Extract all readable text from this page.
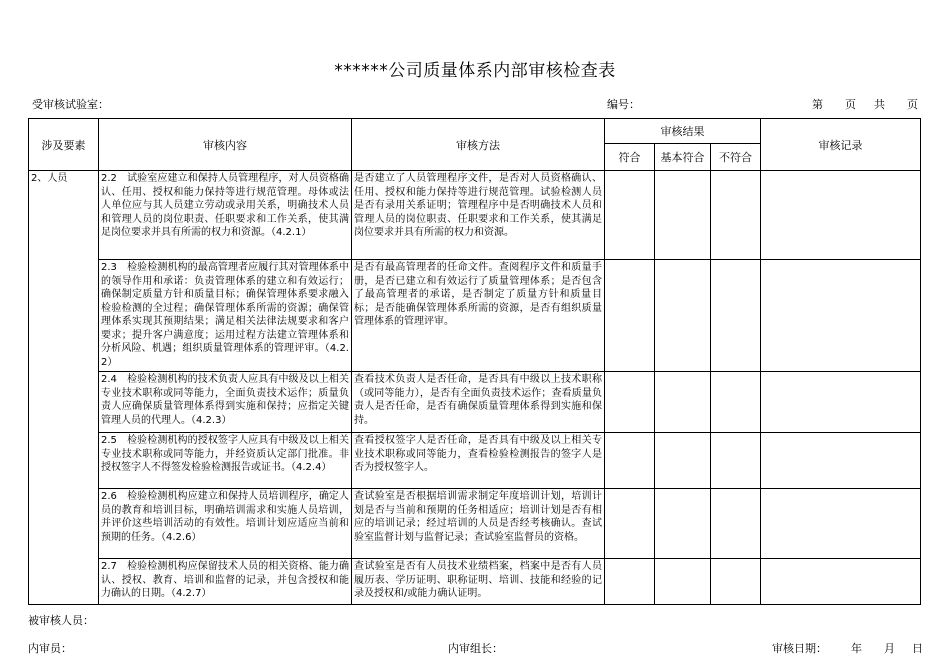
******公司质量体系内部审核检查表
受审核试验室：	编号：	第 页 共 页
涉及要素	审核内容	审核方法	审核结果			审核记录
			符合	基本符合	不符合	
2、人员	2.2　试验室应建立和保持人员管理程序，对人员资格确认、任用、授权和能力保持等进行规范管理。母体或法人单位应与其人员建立劳动或录用关系，明确技术人员和管理人员的岗位职责、任职要求和工作关系，使其满足岗位要求并具有所需的权力和资源。（4.2.1）	是否建立了人员管理程序文件，是否对人员资格确认、任用、授权和能力保持等进行规范管理。试验检测人员是否有录用关系证明；管理程序中是否明确技术人员和管理人员的岗位职责、任职要求和工作关系，使其满足岗位要求并具有所需的权力和资源。				
	2.3　检验检测机构的最高管理者应履行其对管理体系中的领导作用和承诺：负责管理体系的建立和有效运行；确保制定质量方针和质量目标；确保管理体系要求融入检验检测的全过程；确保管理体系所需的资源；确保管理体系实现其预期结果；满足相关法律法规要求和客户要求；提升客户满意度；运用过程方法建立管理体系和分析风险、机遇；组织质量管理体系的管理评审。（4.2.2）	是否有最高管理者的任命文件。查阅程序文件和质量手册，是否已建立和有效运行了质量管理体系；是否包含了最高管理者的承诺，是否制定了质量方针和质量目标；是否能确保管理体系所需的资源，是否有组织质量管理体系的管理评审。				
	2.4　检验检测机构的技术负责人应具有中级及以上相关专业技术职称或同等能力，全面负责技术运作；质量负责人应确保质量管理体系得到实施和保持；应指定关键管理人员的代理人。（4.2.3）	查看技术负责人是否任命，是否具有中级以上技术职称（或同等能力），是否有全面负责技术运作；查看质量负责人是否任命，是否有确保质量管理体系得到实施和保持。				
	2.5　检验检测机构的授权签字人应具有中级及以上相关专业技术职称或同等能力，并经资质认定部门批准。非授权签字人不得签发检验检测报告或证书。（4.2.4）	查看授权签字人是否任命，是否具有中级及以上相关专业技术职称或同等能力，查看检验检测报告的签字人是否为授权签字人。				
	2.6　检验检测机构应建立和保持人员培训程序，确定人员的教育和培训目标，明确培训需求和实施人员培训，并评价这些培训活动的有效性。培训计划应适应当前和预期的任务。（4.2.6）	查试验室是否根据培训需求制定年度培训计划，培训计划是否与当前和预期的任务相适应；培训计划是否有相应的培训记录；经过培训的人员是否经考核确认。查试验室监督计划与监督记录；查试验室监督员的资格。				
	2.7　检验检测机构应保留技术人员的相关资格、能力确认、授权、教育、培训和监督的记录，并包含授权和能力确认的日期。（4.2.7）	查试验室是否有人员技术业绩档案，档案中是否有人员履历表、学历证明、职称证明、培训、技能和经验的记录及授权和/或能力确认证明。				
被审核人员：
内审员：	内审组长：	审核日期： 年 月 日
